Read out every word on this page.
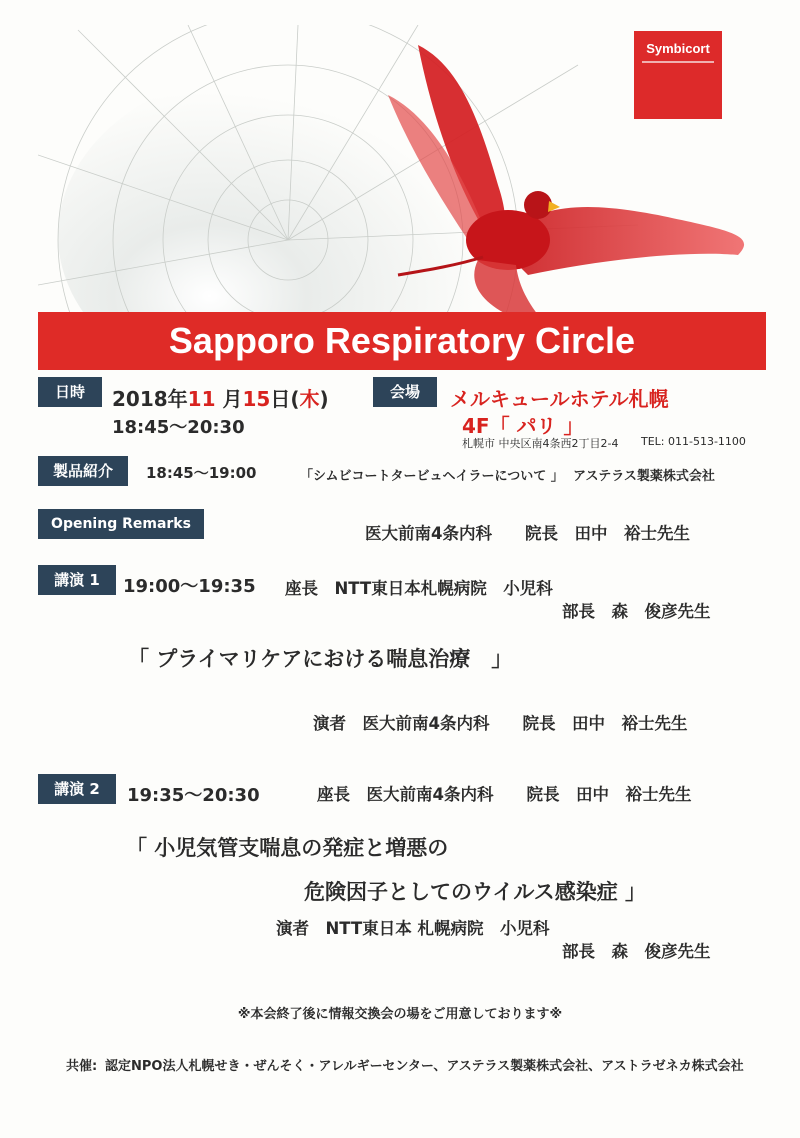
Symbicort
Sapporo Respiratory Circle
日時	2018年11 月15日(木)
18:45〜20:30
会場	メルキュールホテル札幌
4F「 パリ 」
札幌市 中央区南4条西2丁目2-4 TEL: 011-513-1100
製品紹介	18:45〜19:00	「シムビコートタービュヘイラーについて 」 アステラス製薬株式会社
Opening Remarks	医大前南4条内科　　院長　田中　裕士先生
講演 1	19:00〜19:35 座長　NTT東日本札幌病院　小児科
部長　森　俊彦先生
「 プライマリケアにおける喘息治療　」
演者　医大前南4条内科　　院長　田中　裕士先生
講演 2	19:35〜20:30	座長　医大前南4条内科　　院長　田中　裕士先生
「 小児気管支喘息の発症と増悪の
危険因子としてのウイルス感染症 」
演者　NTT東日本 札幌病院　小児科
部長　森　俊彦先生
※本会終了後に情報交換会の場をご用意しております※
共催: 認定NPO法人札幌せき・ぜんそく・アレルギーセンター、アステラス製薬株式会社、アストラゼネカ株式会社
